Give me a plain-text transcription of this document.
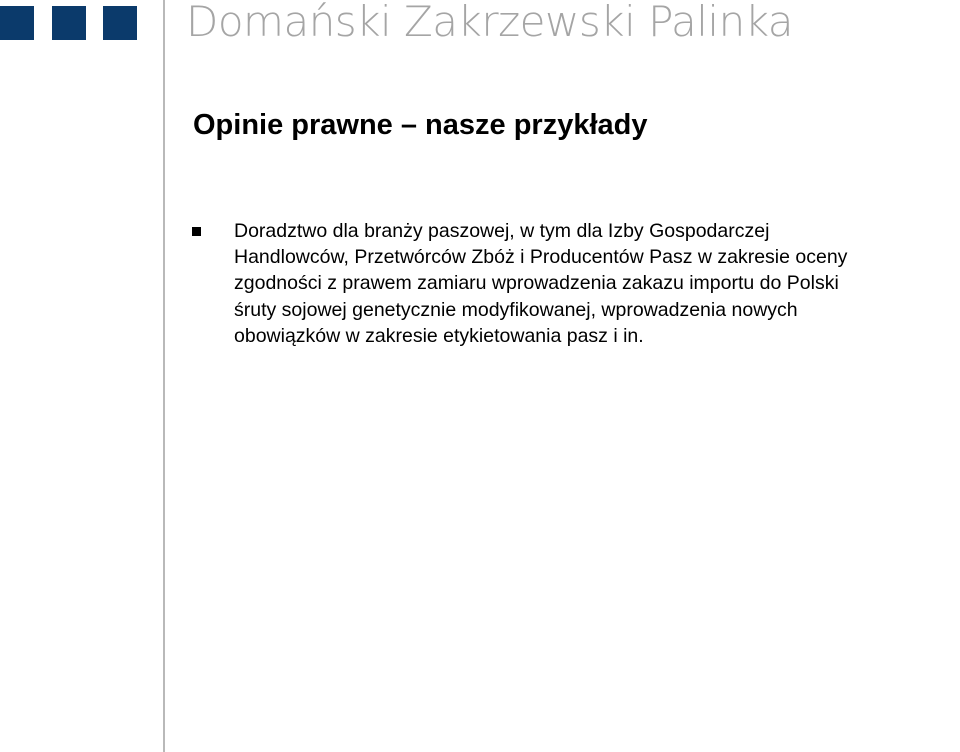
Domański Zakrzewski Palinka
Opinie prawne – nasze przykłady

Doradztwo dla branży paszowej, w tym dla Izby Gospodarczej
Handlowców, Przetwórców Zbóż i Producentów Pasz w zakresie oceny
zgodności z prawem zamiaru wprowadzenia zakazu importu do Polski
śruty sojowej genetycznie modyfikowanej, wprowadzenia nowych
obowiązków w zakresie etykietowania pasz i in.
